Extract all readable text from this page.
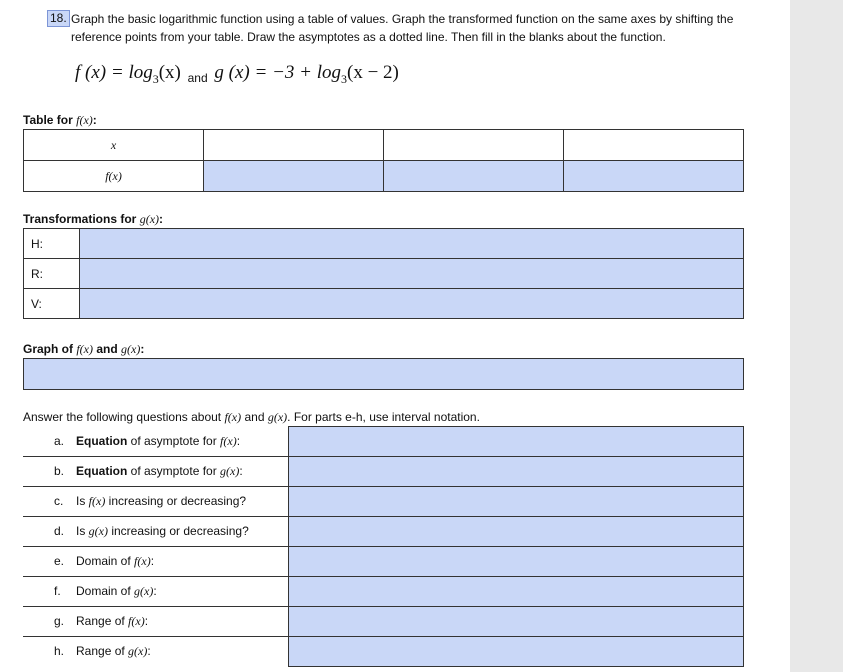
18. Graph the basic logarithmic function using a table of values. Graph the transformed function on the same axes by shifting the reference points from your table. Draw the asymptotes as a dotted line. Then fill in the blanks about the function.

f $(x) = \log_3(x)$ $_{and}$ g $(x) = -3 + \log_3(x - 2)$
Table for f(x):
x			
f(x)			
Transformations for g(x):
H:	
R:	
V:	
Graph of f(x) and g(x):
Answer the following questions about f(x) and g(x). For parts e-h, use interval notation.
a. Equation of asymptote for f(x):	
b. Equation of asymptote for g(x):	
c. Is f(x) increasing or decreasing?	
d. Is g(x) increasing or decreasing?	
e. Domain of f(x):	
f. Domain of g(x):	
g. Range of f(x):	
h. Range of g(x):	
